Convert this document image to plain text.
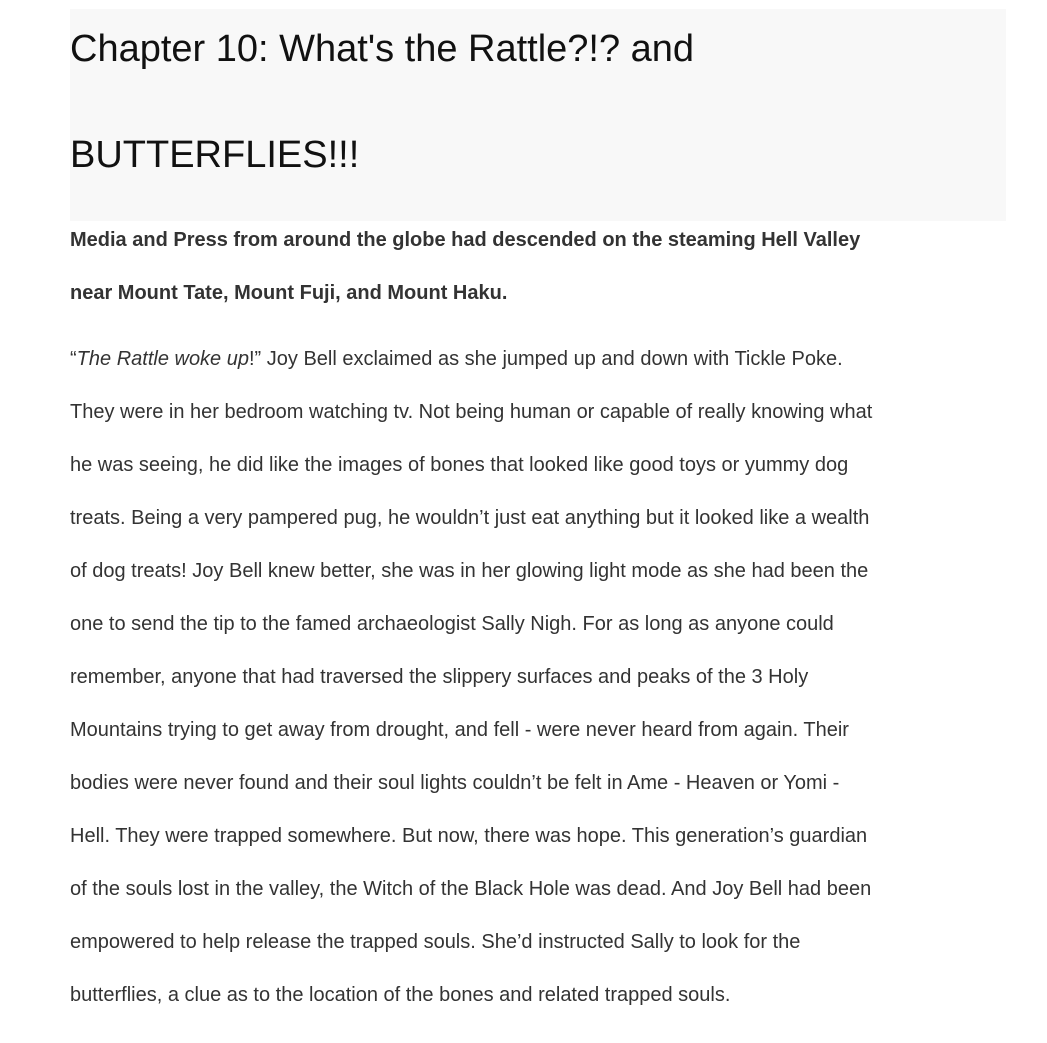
Chapter 10: What's the Rattle?!? and
BUTTERFLIES!!!

Media and Press from around the globe had descended on the steaming Hell Valley
near Mount Tate, Mount Fuji, and Mount Haku.

“The Rattle woke up!” Joy Bell exclaimed as she jumped up and down with Tickle Poke.
They were in her bedroom watching tv. Not being human or capable of really knowing what
he was seeing, he did like the images of bones that looked like good toys or yummy dog
treats. Being a very pampered pug, he wouldn’t just eat anything but it looked like a wealth
of dog treats! Joy Bell knew better, she was in her glowing light mode as she had been the
one to send the tip to the famed archaeologist Sally Nigh. For as long as anyone could
remember, anyone that had traversed the slippery surfaces and peaks of the 3 Holy
Mountains trying to get away from drought, and fell - were never heard from again. Their
bodies were never found and their soul lights couldn’t be felt in Ame - Heaven or Yomi -
Hell. They were trapped somewhere. But now, there was hope. This generation’s guardian
of the souls lost in the valley, the Witch of the Black Hole was dead. And Joy Bell had been
empowered to help release the trapped souls. She’d instructed Sally to look for the
butterflies, a clue as to the location of the bones and related trapped souls.
